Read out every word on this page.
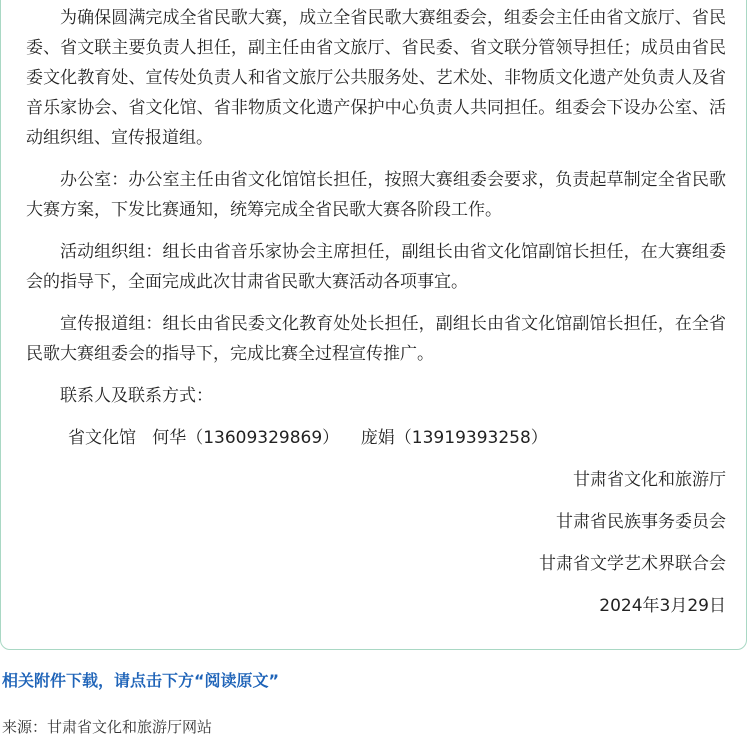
为确保圆满完成全省民歌大赛，成立全省民歌大赛组委会，组委会主任由省文旅厅、省民委、省文联主要负责人担任，副主任由省文旅厅、省民委、省文联分管领导担任；成员由省民委文化教育处、宣传处负责人和省文旅厅公共服务处、艺术处、非物质文化遗产处负责人及省音乐家协会、省文化馆、省非物质文化遗产保护中心负责人共同担任。组委会下设办公室、活动组织组、宣传报道组。

办公室：办公室主任由省文化馆馆长担任，按照大赛组委会要求，负责起草制定全省民歌大赛方案，下发比赛通知，统筹完成全省民歌大赛各阶段工作。

活动组织组：组长由省音乐家协会主席担任，副组长由省文化馆副馆长担任，在大赛组委会的指导下，全面完成此次甘肃省民歌大赛活动各项事宜。

宣传报道组：组长由省民委文化教育处处长担任，副组长由省文化馆副馆长担任，在全省民歌大赛组委会的指导下，完成比赛全过程宣传推广。

联系人及联系方式：

省文化馆   何华（13609329869）    庞娟（13919393258）
甘肃省文化和旅游厅
甘肃省民族事务委员会
甘肃省文学艺术界联合会
2024年3月29日
相关附件下载，请点击下方“阅读原文”
来源：甘肃省文化和旅游厅网站
